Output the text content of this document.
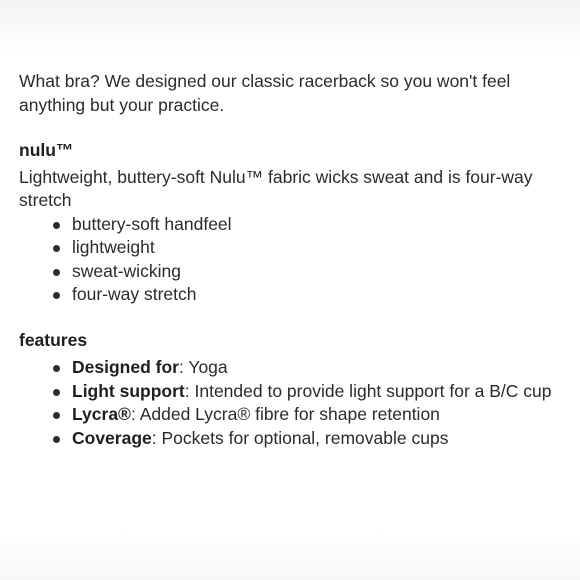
What bra? We designed our classic racerback so you won't feel anything but your practice.

nulu™

Lightweight, buttery-soft Nulu™ fabric wicks sweat and is four-way stretch

buttery-soft handfeel
lightweight
sweat-wicking
four-way stretch

features

Designed for: Yoga
Light support: Intended to provide light support for a B/C cup
Lycra®: Added Lycra® fibre for shape retention
Coverage: Pockets for optional, removable cups
